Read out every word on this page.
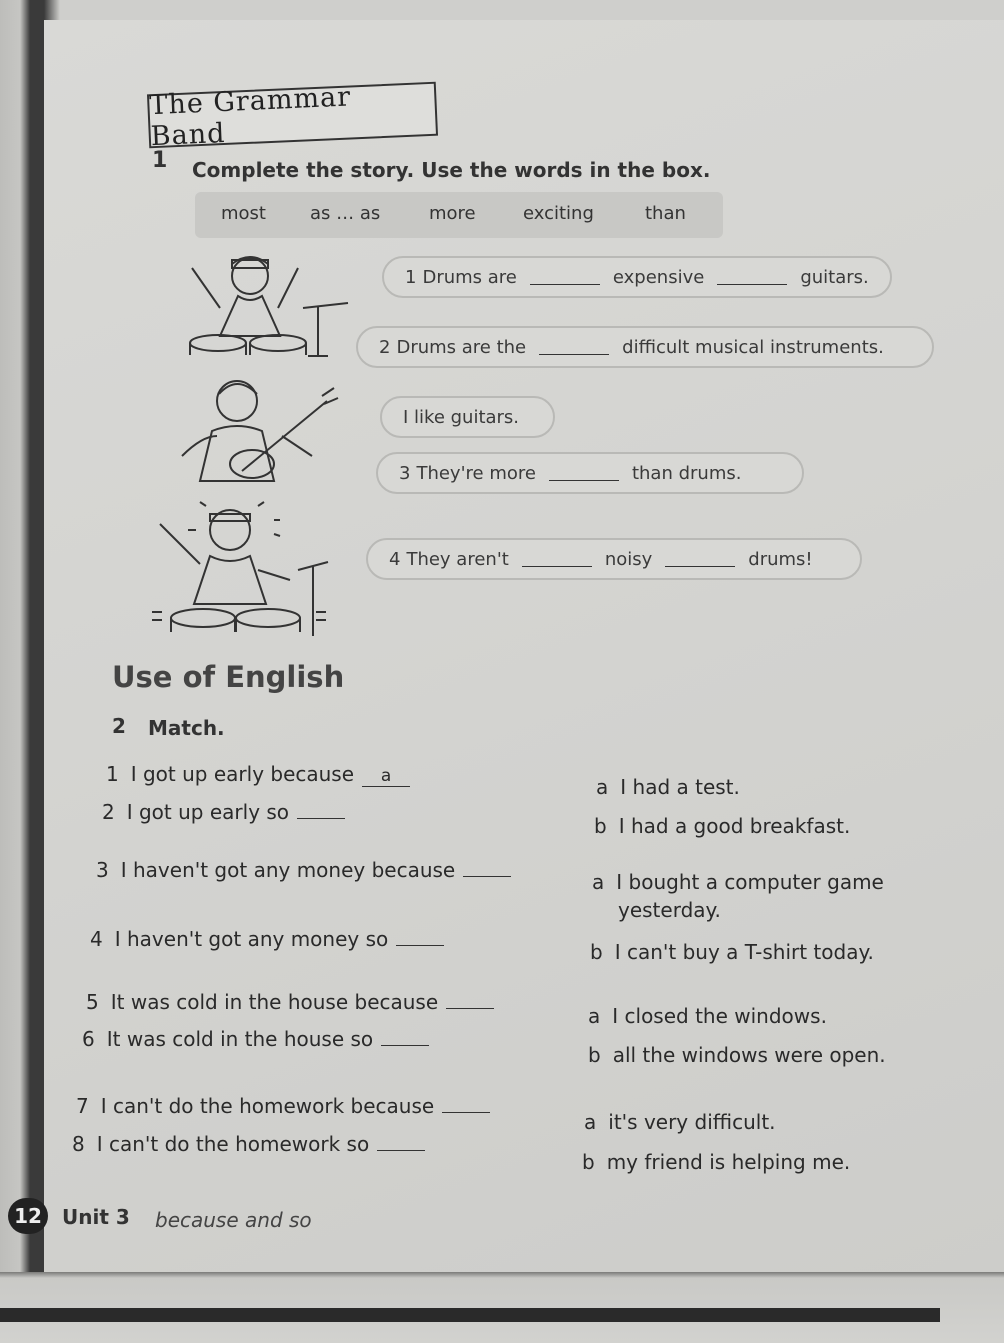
The Grammar Band
1 Complete the story. Use the words in the box.
most as … as	more	exciting	than
1 Drums are	expensive	guitars.
2 Drums are the	difficult musical instruments.
I like guitars.
3 They're more	than drums.
4 They aren't	noisy	drums!
Use of English
2 Match.
1 I got up early because a
2 I got up early so
3 I haven't got any money because
4 I haven't got any money so
5 It was cold in the house because
6 It was cold in the house so
7 I can't do the homework because
8 I can't do the homework so
a I had a test.
b I had a good breakfast.
a I bought a computer game
yesterday.
b I can't buy a T-shirt today.
a I closed the windows.
b all the windows were open.
a it's very difficult.
b my friend is helping me.
12	Unit 3 because and so
